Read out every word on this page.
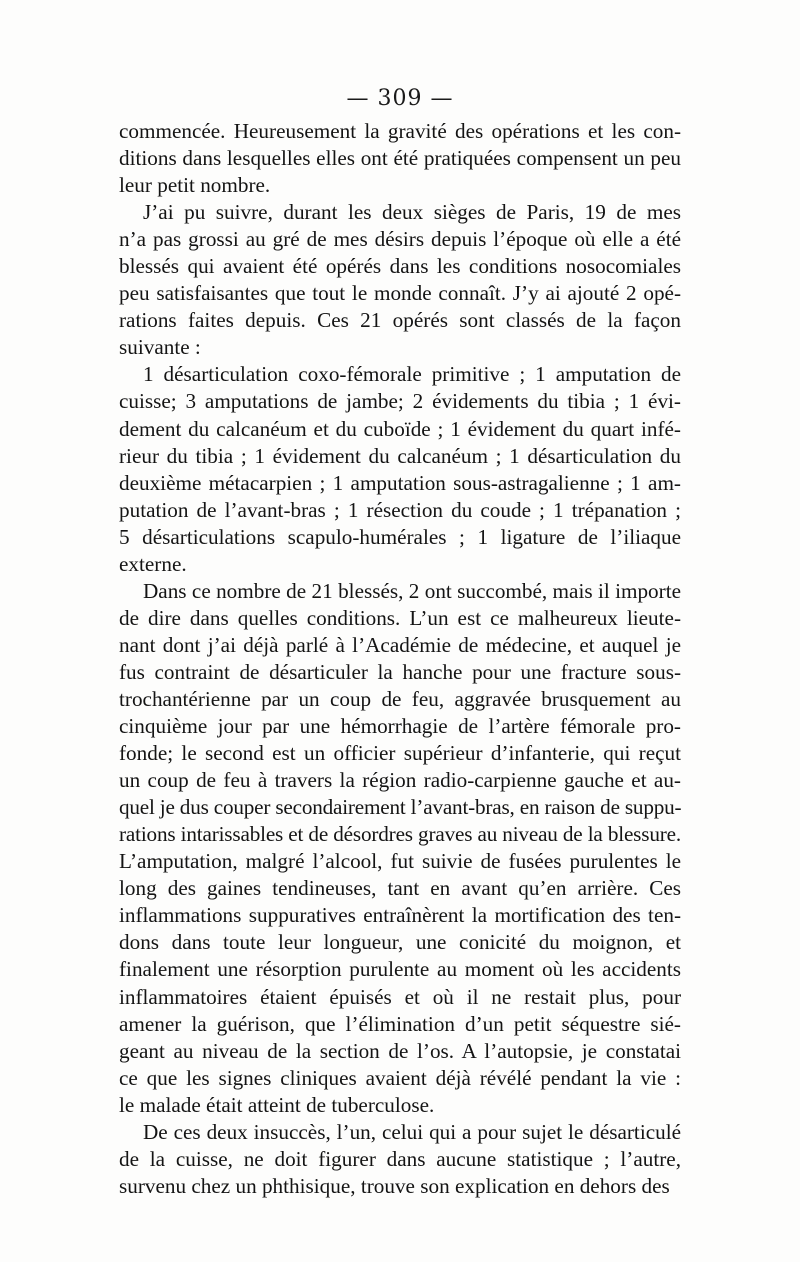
— 309 —
commencée. Heureusement la gravité des opérations et les con-
ditions dans lesquelles elles ont été pratiquées compensent un peu
leur petit nombre.
J’ai pu suivre, durant les deux sièges de Paris, 19 de mes
n’a pas grossi au gré de mes désirs depuis l’époque où elle a été
blessés qui avaient été opérés dans les conditions nosocomiales
peu satisfaisantes que tout le monde connaît. J’y ai ajouté 2 opé-
rations faites depuis. Ces 21 opérés sont classés de la façon
suivante :
1 désarticulation coxo-fémorale primitive ; 1 amputation de
cuisse; 3 amputations de jambe; 2 évidements du tibia ; 1 évi-
dement du calcanéum et du cuboïde ; 1 évidement du quart infé-
rieur du tibia ; 1 évidement du calcanéum ; 1 désarticulation du
deuxième métacarpien ; 1 amputation sous-astragalienne ; 1 am-
putation de l’avant-bras ; 1 résection du coude ; 1 trépanation ;
5 désarticulations scapulo-humérales ; 1 ligature de l’iliaque
externe.
Dans ce nombre de 21 blessés, 2 ont succombé, mais il importe
de dire dans quelles conditions. L’un est ce malheureux lieute-
nant dont j’ai déjà parlé à l’Académie de médecine, et auquel je
fus contraint de désarticuler la hanche pour une fracture sous-
trochantérienne par un coup de feu, aggravée brusquement au
cinquième jour par une hémorrhagie de l’artère fémorale pro-
fonde; le second est un officier supérieur d’infanterie, qui reçut
un coup de feu à travers la région radio-carpienne gauche et au-
quel je dus couper secondairement l’avant-bras, en raison de suppu-
rations intarissables et de désordres graves au niveau de la blessure.
L’amputation, malgré l’alcool, fut suivie de fusées purulentes le
long des gaines tendineuses, tant en avant qu’en arrière. Ces
inflammations suppuratives entraînèrent la mortification des ten-
dons dans toute leur longueur, une conicité du moignon, et
finalement une résorption purulente au moment où les accidents
inflammatoires étaient épuisés et où il ne restait plus, pour
amener la guérison, que l’élimination d’un petit séquestre sié-
geant au niveau de la section de l’os. A l’autopsie, je constatai
ce que les signes cliniques avaient déjà révélé pendant la vie :
le malade était atteint de tuberculose.
De ces deux insuccès, l’un, celui qui a pour sujet le désarticulé
de la cuisse, ne doit figurer dans aucune statistique ; l’autre,
survenu chez un phthisique, trouve son explication en dehors des
